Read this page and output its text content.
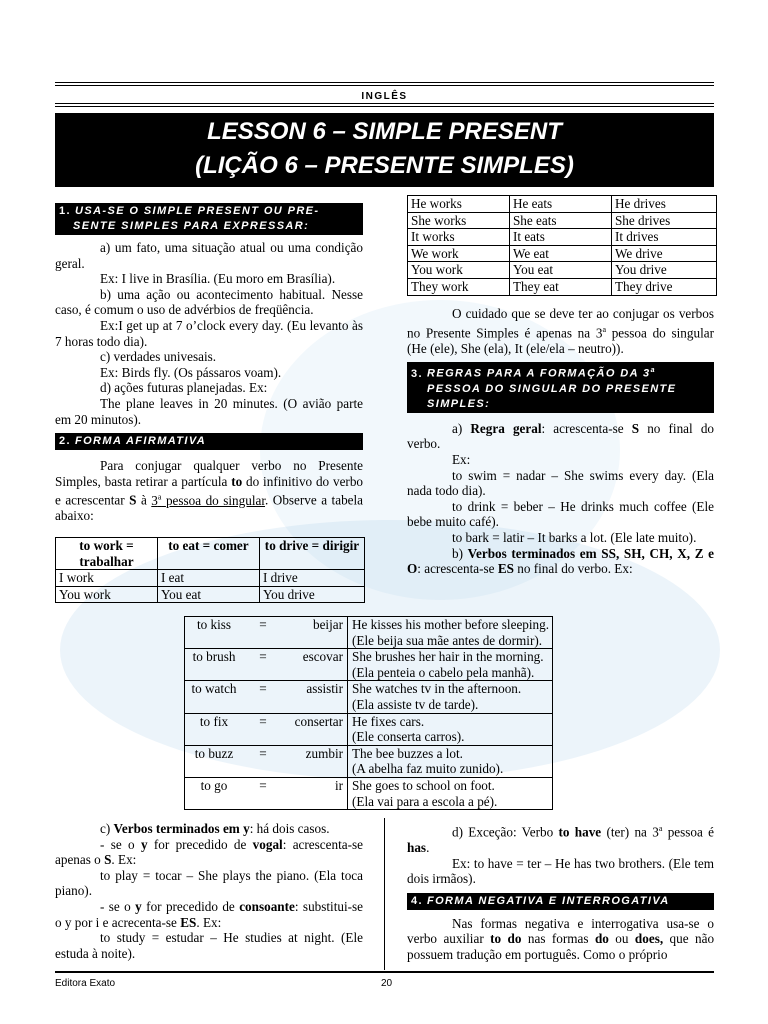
INGLÊS
LESSON 6 – SIMPLE PRESENT
(LIÇÃO 6 – PRESENTE SIMPLES)
1. USA-SE O SIMPLE PRESENT OU PRE-
SENTE SIMPLES PARA EXPRESSAR:

a) um fato, uma situação atual ou uma condição geral.

Ex: I live in Brasília. (Eu moro em Brasília).

b) uma ação ou acontecimento habitual. Nesse caso, é comum o uso de advérbios de freqüência.

Ex:I get up at 7 o’clock every day. (Eu levanto às 7 horas todo dia).

c) verdades univesais.

Ex: Birds fly. (Os pássaros voam).

d) ações futuras planejadas. Ex:

The plane leaves in 20 minutes. (O avião parte em 20 minutos).

2. FORMA AFIRMATIVA

Para conjugar qualquer verbo no Presente Simples, basta retirar a partícula to do infinitivo do verbo e acrescentar S à 3$^a$ pessoa do singular. Observe a tabela abaixo:

to work = trabalhar	to eat = comer	to drive = dirigir
I work	I eat	I drive
You work	You eat	You drive
He works	He eats	He drives
She works	She eats	She drives
It works	It eats	It drives
We work	We eat	We drive
You work	You eat	You drive
They work	They eat	They drive

O cuidado que se deve ter ao conjugar os verbos no Presente Simples é apenas na 3$^a$ pessoa do singular (He (ele), She (ela), It (ele/ela – neutro)).

3. REGRAS PARA A FORMAÇÃO DA 3$^a$
PESSOA DO SINGULAR DO PRESENTE
SIMPLES:

a) Regra geral: acrescenta-se S no final do verbo.

Ex:

to swim = nadar – She swims every day. (Ela nada todo dia).

to drink = beber – He drinks much coffee (Ele bebe muito café).

to bark = latir – It barks a lot. (Ele late muito).

b) Verbos terminados em SS, SH, CH, X, Z e O: acrescenta-se ES no final do verbo. Ex:

to kiss	=	beijar	He kisses his mother before sleeping.
(Ele beija sua mãe antes de dormir).

to brush	=	escovar	She brushes her hair in the morning.
(Ela penteia o cabelo pela manhã).

to watch	=	assistir	She watches tv in the afternoon.
(Ela assiste tv de tarde).

to fix	=	consertar	He fixes cars.
(Ele conserta carros).

to buzz	=	zumbir	The bee buzzes a lot.
(A abelha faz muito zunido).

to go	=	ir	She goes to school on foot.
(Ela vai para a escola a pé).

c) Verbos terminados em y: há dois casos.

- se o y for precedido de vogal: acrescenta-se apenas o S. Ex:

to play = tocar – She plays the piano. (Ela toca piano).

- se o y for precedido de consoante: substitui-se o y por i e acrecenta-se ES. Ex:

to study = estudar – He studies at night. (Ele estuda à noite).

d) Exceção: Verbo to have (ter) na 3$^a$ pessoa é has.

Ex: to have = ter – He has two brothers. (Ele tem dois irmãos).

4. FORMA NEGATIVA E INTERROGATIVA

Nas formas negativa e interrogativa usa-se o verbo auxiliar to do nas formas do ou does, que não possuem tradução em português. Como o próprio

Editora Exato	20
